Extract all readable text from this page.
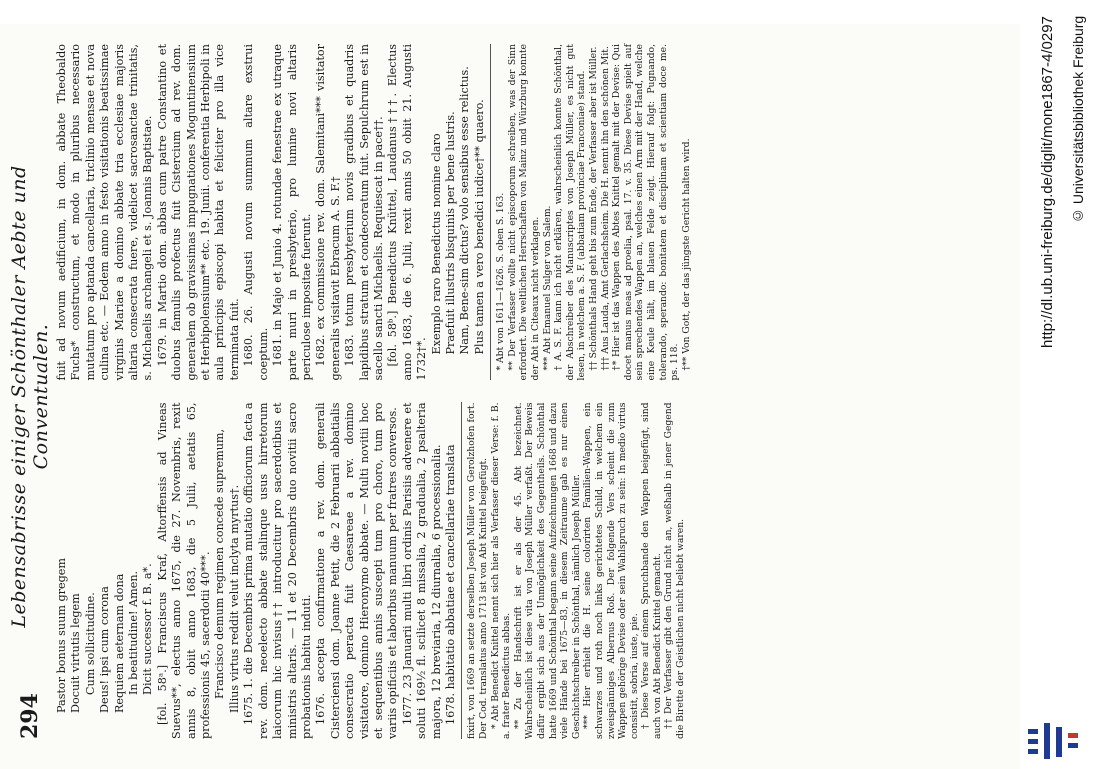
294
Lebensabrisse einiger Schönthaler Aebte und Conventualen.
Pastor bonus suum gregem Docuit virtutis legem Cum sollicitudine. Deus! ipsi cum corona Requiem aeternam dona In beatitudine! Amen. Dicit successor f. B. a*. [fol. 58ᵃ.] Franciscus Kraf, Altorffensis ad Vineas Suevus**, electus anno 1675, die 27. Novembris, rexit annis 8, obiit anno 1683, die 5 Julii, aetatis 65, professionis 45, sacerdotii 40***. Francisco demum regimen concede supremum, Illius virtus reddit velut inclyta myrtus†. 1675. 1. die Decembris prima mutatio officiorum facta a rev. dom. neoelecto abbate stalinque usus hirretorum laicorum hic invisus†† introducitur pro sacerdotibus et ministris altaris. — 11 et 20 Decembris duo novitii sacro probationis habitu induti. 1676. accepta confirmatione a rev. dom. generali Cisterciensi dom. Joanne Petit, die 2 Februarii abbatialis consecratio peracta fuit Caesareae a rev. domino visitatore, domino Hieronymo abbate. — Multi novitii hoc et sequentibus annis suscepti tum pro choro, tum pro variis opificiis et laboribus manuum per fratres conversos. 1677. 23 Januarii multi libri ordinis Parisiis advenere et soluti 169½ fl. scilicet 8 missalia, 2 gradualia, 2 psalteria majora, 12 breviaria, 12 diurnalia, 6 processionalia. 1678. habitatio abbatiae et cancellariae translata fixirt, von 1669 an setzte derselben Joseph Müller von Gerolzhofen fort. Der Cod. translatus anno 1713 ist von Abt Knittel beigefügt. * Abt Benedict Knittel nennt sich hier als Verfasser dieser Verse: f. B. a. frater Benedictus abbas. ** Zu der Handschrift ist er als der 45. Abt bezeichnet. Wahrscheinlich ist diese vita von Joseph Müller verfaßt. Der Beweis dafür ergibt sich aus der Unmöglichkeit des Gegentheils. Schönthal hatte 1669 und Schönthal begann seine Aufzeichnungen 1668 und dazu viele Hände bei 1675—83, in diesem Zeitraume gab es nur einen Geschichtschreiber in Schönthal, nämlich Joseph Müller. *** Hier erhielt die H. seine colorirten Familien-Wappen, ein schwarzes und roth noch links gerichtetes Schild, in welchem ein zweispänniges Albernus Roß. Der folgende Vers scheint die zum Wappen gehörige Devise oder sein Wahlspruch zu sein: In medio virtus consistit, sobria, iuste, pie. † Diese Verse auf einem Spruchbande den Wappen beigefügt, sind auch von Abt Benedict Knittel gemacht. †† Der Verfasser gibt den Grund nicht an, weßhalb in jener Gegend die Birette der Geistlichen nicht beliebt waren.

fuit ad novum aedificium, in dom. abbate Theobaldo Fuchs* constructum, et modo in pluribus necessario mutatum pro aptanda cancellaria, triclinio mensae et nova culina etc. — Eodem anno in festo visitationis beatissimae virginis Mariae a domino abbate tria ecclesiae majoris altaria consecrata fuere, videlicet sacrosanctae trinitatis, s. Michaelis archangeli et s. Joannis Baptistae. 1679. in Martio dom. abbas cum patre Constantino et duobus famulis profectus fuit Cistercium ad rev. dom. generalem ob gravissimas impugnationes Moguntinensium et Herbipolensium** etc. 19. Junii. conferentia Herbipoli in aula principis episcopi habita et feliciter pro illa vice terminata fuit. 1680. 26. Augusti novum summum altare exstrui coeptum. 1681. in Majo et Junio 4. rotundae fenestrae ex utraque parte muri in presbyterio, pro lumine novi altaris periculose impositae fuerunt. 1682. ex commissione rev. dom. Salemitani*** visitator generalis visitavit Ebracum A. S. F.† 1683. totum presbyterium novis gradibus et quadris lapidibus stratum et condecoratum fuit. Sepulchrum est in sacello sancti Michaelis. Requiescat in pace††. [fol. 58ᵇ.] Benedictus Knüttel, Laudanus†††. Electus anno 1683, die 6. Julii, rexit annis 50 obiit 21. Augusti 1732†*.

Exemplo raro Benedictus nomine claro Praefuit illustris bisquinis per bene lustris. Nam, Bene-sim dictus? volo sensibus esse relictus. Plus tamen a vero benedici iudice†** quaero. * Abt von 1611—1626. S. oben S. 163. ** Der Verfasser wollte nicht episcoporum schreiben, was der Sinn erfordert. Die weltlichen Herrschaften von Mainz und Würzburg konnte der Abt in Citeaux nicht verklagen. *** Abt Emanuel Sulger von Salem. † A. S. F. kann ich nicht erklären, wahrscheinlich konnte Schönthal, der Abschreiber des Manuscriptes von Joseph Müller, es nicht gut lesen, in welchem a. S. F. (abbatiam provinciae Franconiae) stand. †† Schönthals Hand geht bis zum Ende, der Verfasser aber ist Müller. ††† Aus Lauda, Amt Gerlachsheim. Die H. nennt ihn den schönen Mit. †* Hier ist das Wappen des Abtes Knittel gemalt mit der Devise: Qui docet manus meas ad proelia, psal. 17. v. 35. Diese Devise spielt auf sein sprechendes Wappen an, welches einen Arm mit der Hand, welche eine Keule hält, im blauen Felde zeigt. Hierauf folgt: Pugnando, tolerando, sperando: bonitatem et disciplinam et scientiam doce me. ps. 118. †** Von Gott, der das jüngste Gericht halten wird.	http://dl.ub.uni-freiburg.de/diglit/mone1867-4/0297 © Universitätsbibliothek Freiburg
